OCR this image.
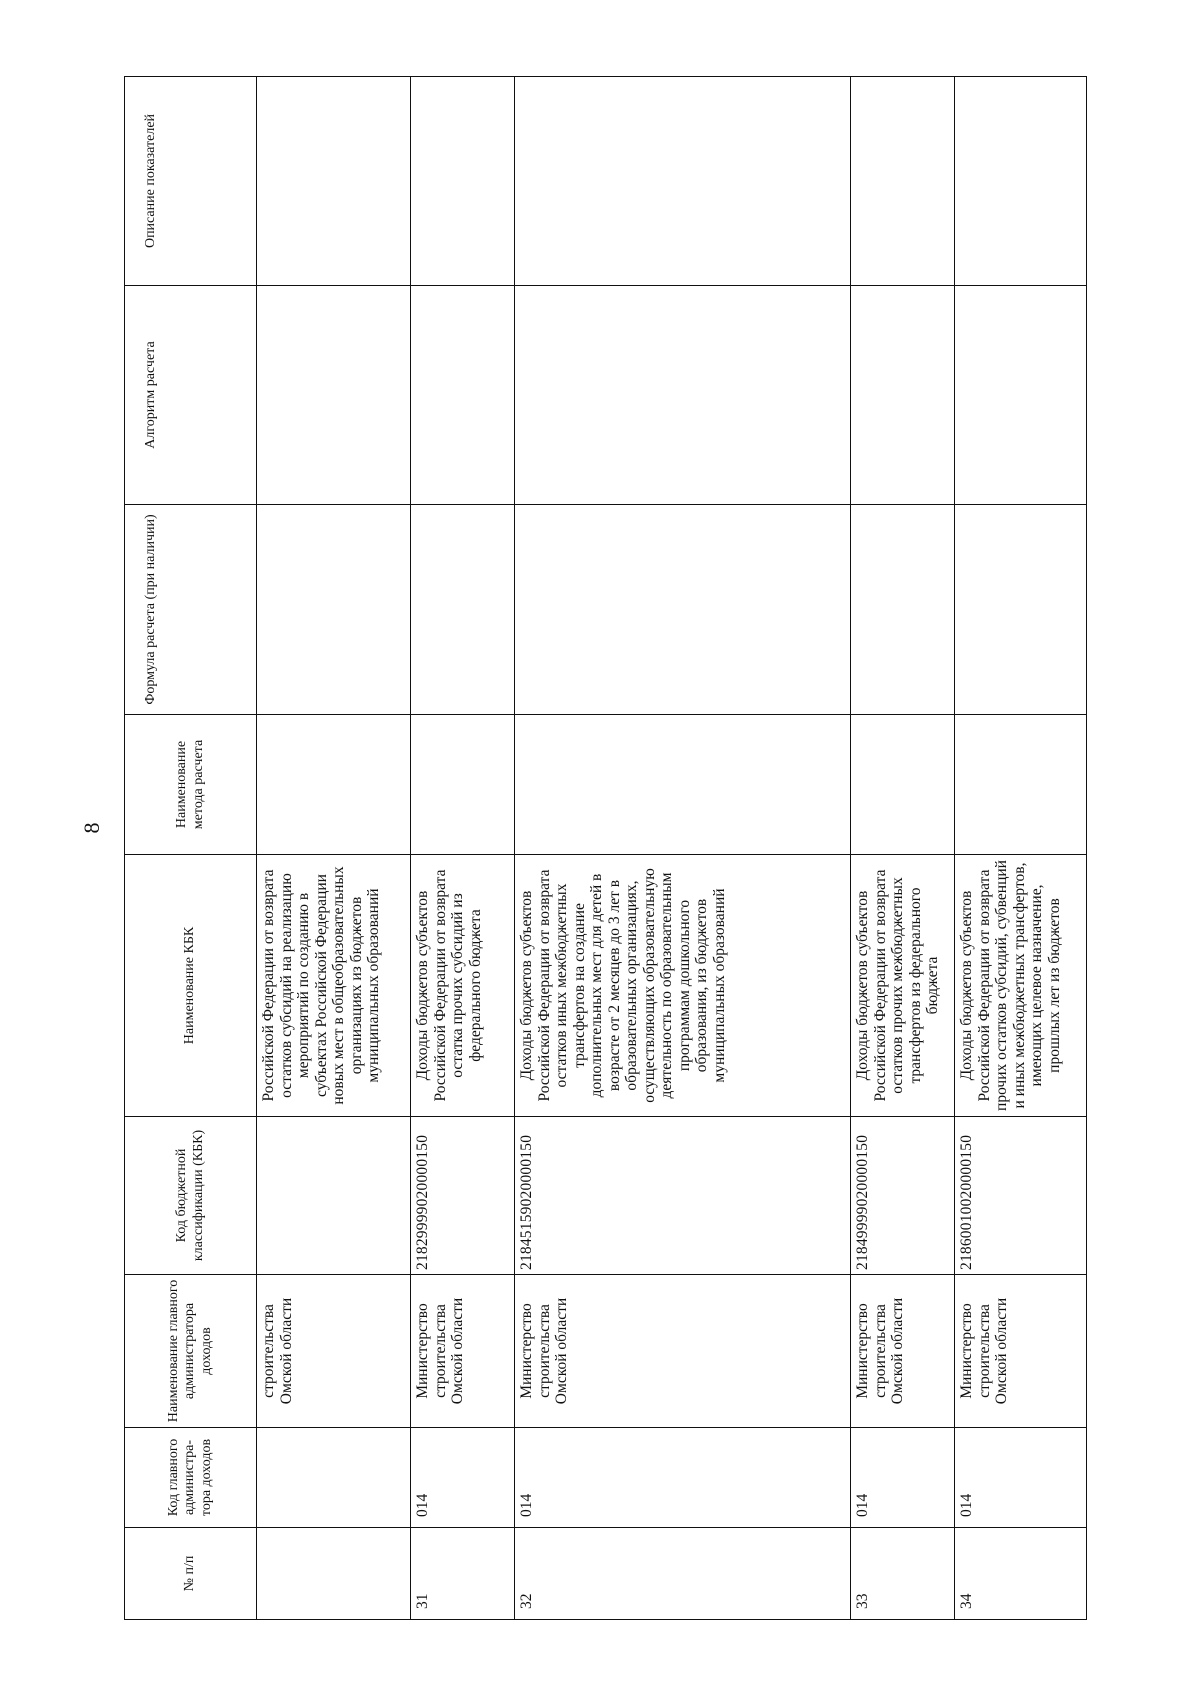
8
№ п/п	Код главного администра-тора доходов	Наименование главного администратора доходов	Код бюджетной классификации (КБК)	Наименование КБК	Наименование метода расчета	Формула расчета (при наличии)	Алгоритм расчета	Описание показателей
		строительства Омской области		Российской Федерации от возврата остатков субсидий на реализацию мероприятий по созданию в субъектах Российской Федерации новых мест в общеобразовательных организациях из бюджетов муниципальных образований				
31	014	Министерство строительства Омской области	21829999020000150	Доходы бюджетов субъектов Российской Федерации от возврата остатка прочих субсидий из федерального бюджета				
32	014	Министерство строительства Омской области	21845159020000150	Доходы бюджетов субъектов Российской Федерации от возврата остатков иных межбюджетных трансфертов на создание дополнительных мест для детей в возрасте от 2 месяцев до 3 лет в образовательных организациях, осуществляющих образовательную деятельность по образовательным программам дошкольного образования, из бюджетов муниципальных образований				
33	014	Министерство строительства Омской области	21849999020000150	Доходы бюджетов субъектов Российской Федерации от возврата остатков прочих межбюджетных трансфертов из федерального бюджета				
34	014	Министерство строительства Омской области	21860010020000150	Доходы бюджетов субъектов Российской Федерации от возврата прочих остатков субсидий, субвенций и иных межбюджетных трансфертов, имеющих целевое назначение, прошлых лет из бюджетов				
